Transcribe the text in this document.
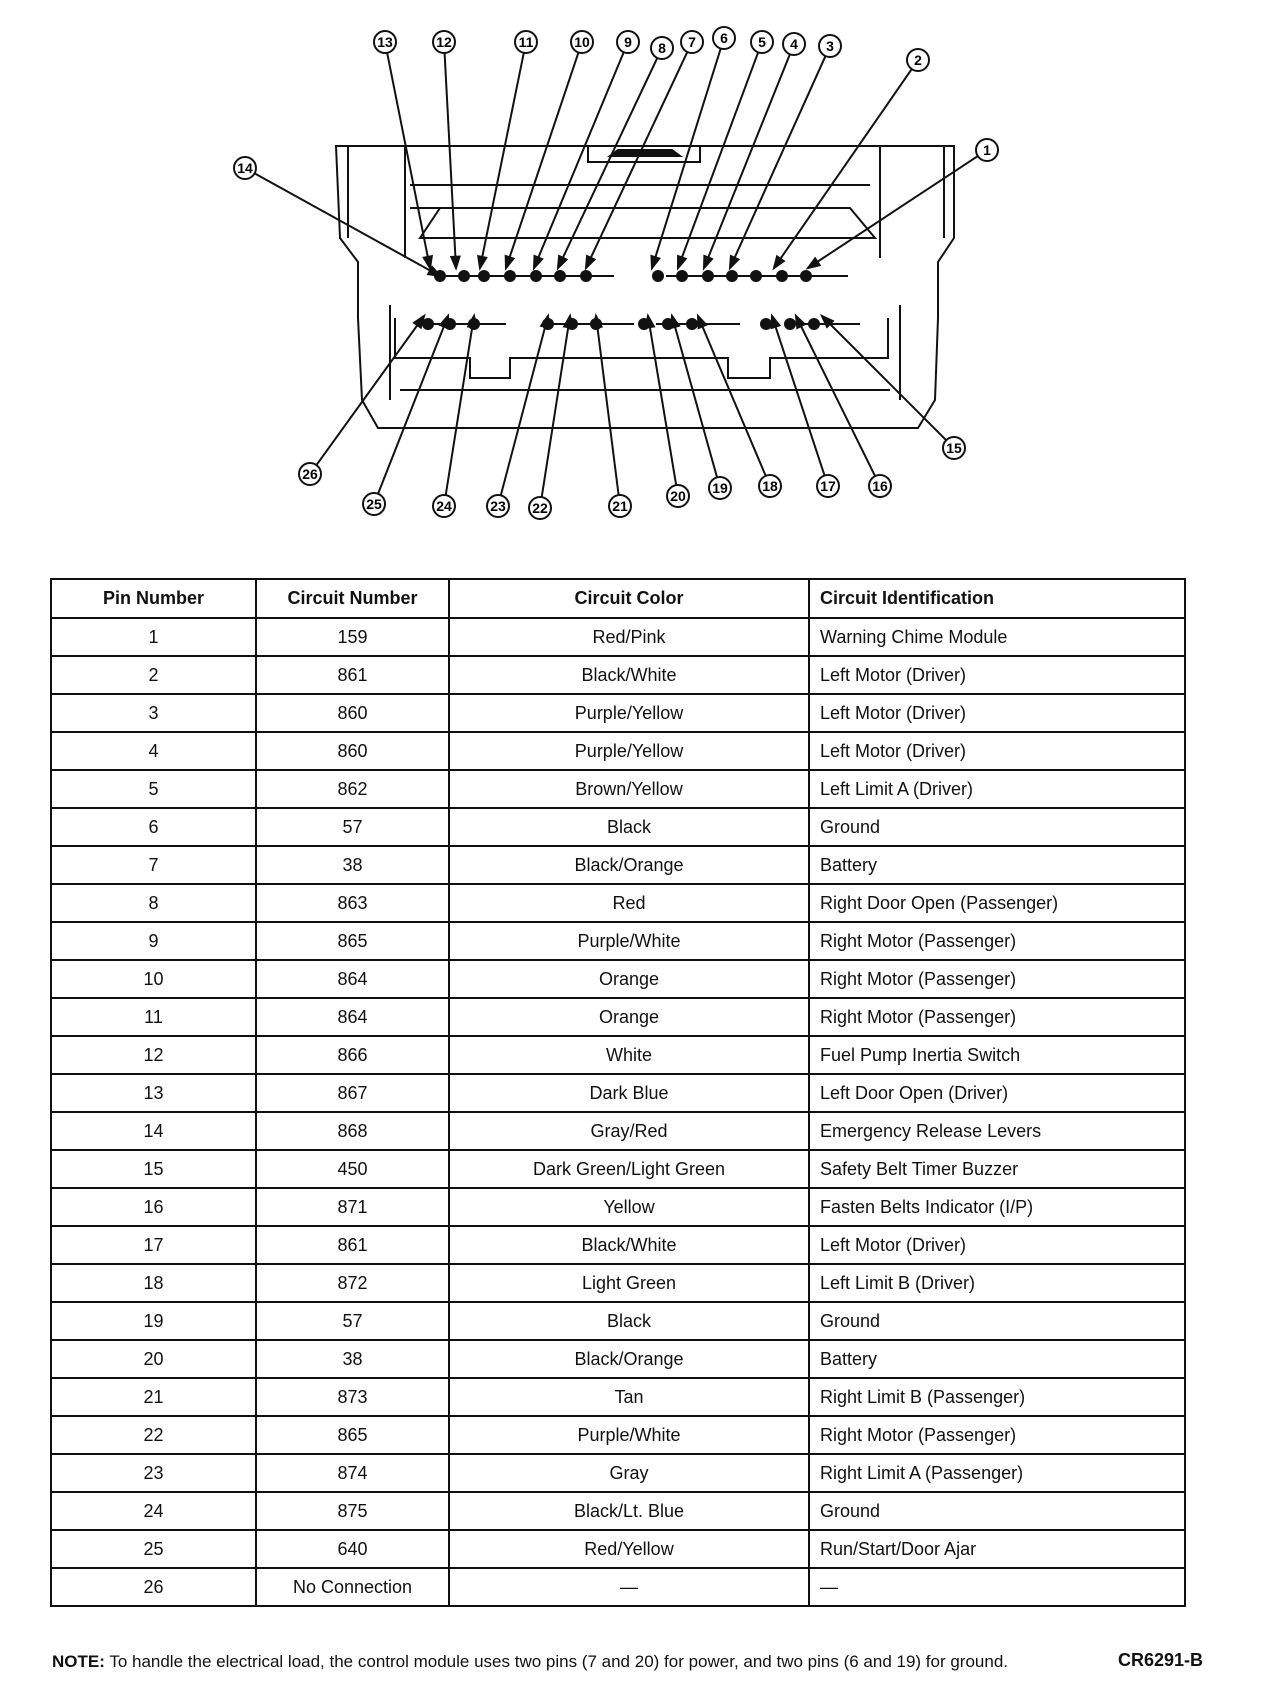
13	12	11	10 9 8 7 6 5 4 3
2
1
14
15
16
17
18
19
20
21
22
23
24
25
26
Pin Number	Circuit Number	Circuit Color	Circuit Identification
1	159	Red/Pink	Warning Chime Module
2	861	Black/White	Left Motor (Driver)
3	860	Purple/Yellow	Left Motor (Driver)
4	860	Purple/Yellow	Left Motor (Driver)
5	862	Brown/Yellow	Left Limit A (Driver)
6	57	Black	Ground
7	38	Black/Orange	Battery
8	863	Red	Right Door Open (Passenger)
9	865	Purple/White	Right Motor (Passenger)
10	864	Orange	Right Motor (Passenger)
11	864	Orange	Right Motor (Passenger)
12	866	White	Fuel Pump Inertia Switch
13	867	Dark Blue	Left Door Open (Driver)
14	868	Gray/Red	Emergency Release Levers
15	450	Dark Green/Light Green	Safety Belt Timer Buzzer
16	871	Yellow	Fasten Belts Indicator (I/P)
17	861	Black/White	Left Motor (Driver)
18	872	Light Green	Left Limit B (Driver)
19	57	Black	Ground
20	38	Black/Orange	Battery
21	873	Tan	Right Limit B (Passenger)
22	865	Purple/White	Right Motor (Passenger)
23	874	Gray	Right Limit A (Passenger)
24	875	Black/Lt. Blue	Ground
25	640	Red/Yellow	Run/Start/Door Ajar
26	No Connection	—	—
NOTE: To handle the electrical load, the control module uses two pins (7 and 20) for power, and two pins (6 and 19) for ground.	CR6291-B
